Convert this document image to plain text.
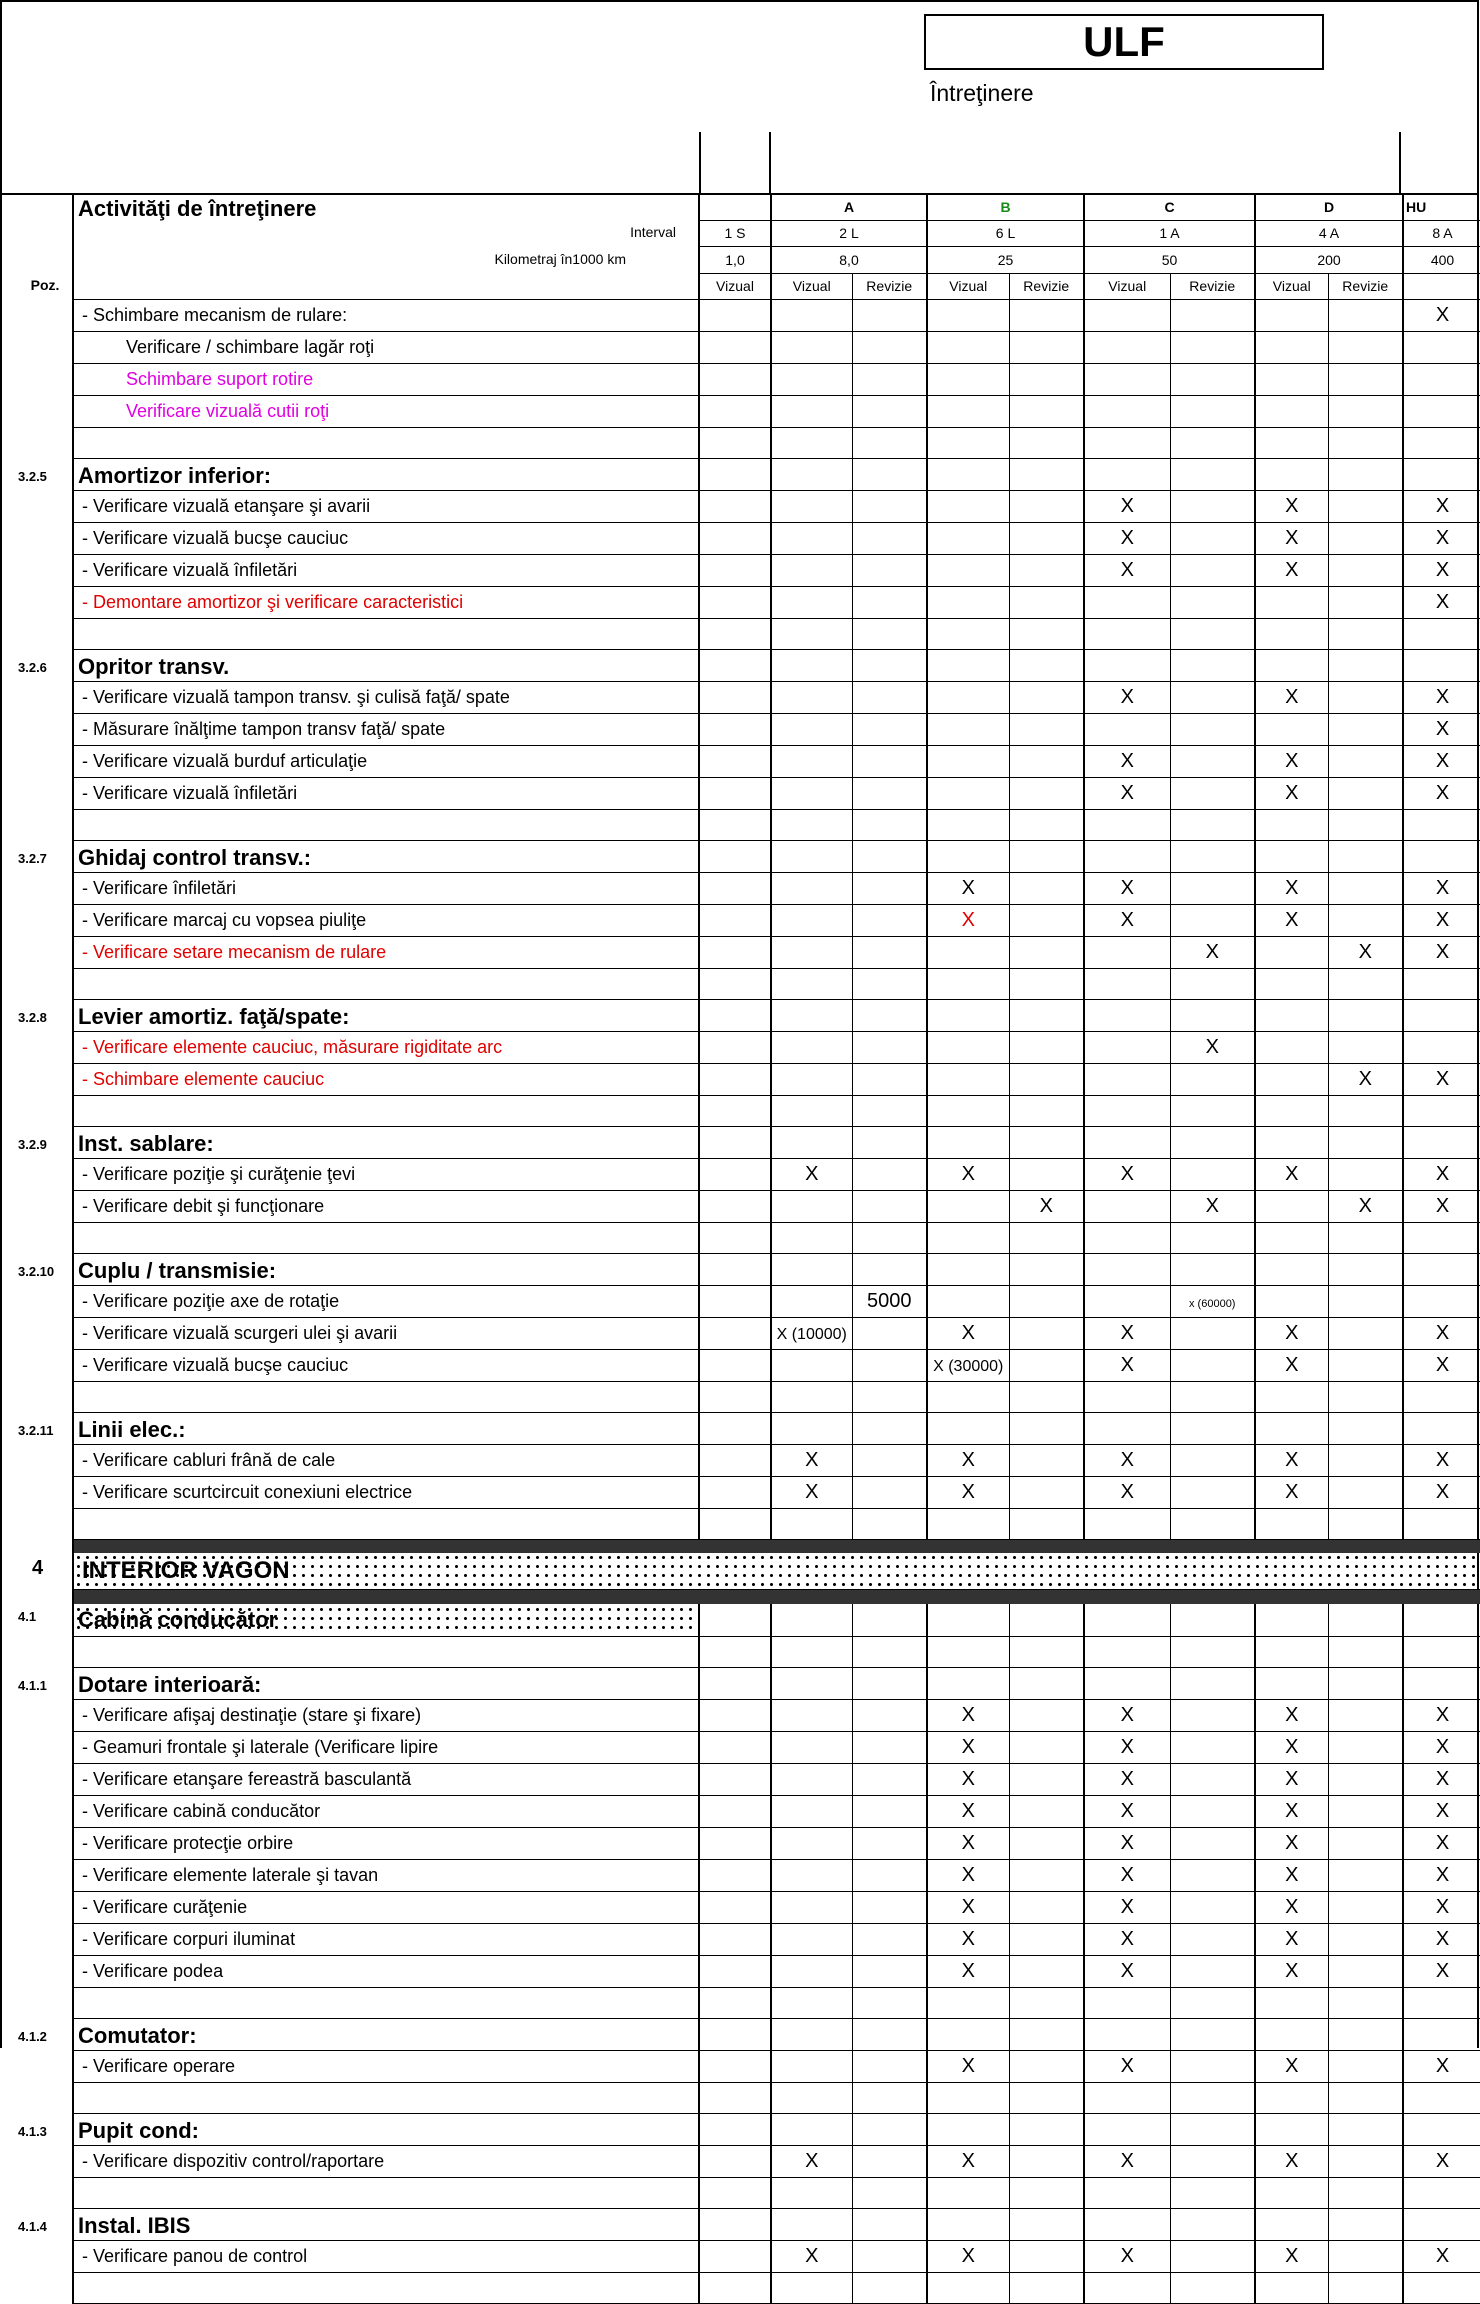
ULF
Întreţinere
Poz.	Activităţi de întreţinere
Interval
Kilometraj în1000 km		A		B		C		D		HU
		1 S	2 L		6 L		1 A		4 A		8 A
		1,0	8,0		25		50		200		400
		Vizual	Vizual	Revizie	Vizual	Revizie	Vizual	Revizie	Vizual	Revizie	
	- Schimbare mecanism de rulare:										X
	Verificare / schimbare lagăr roţi										
	Schimbare suport rotire										
	Verificare vizuală cutii roţi										

3.2.5	Amortizor inferior:										
	- Verificare vizuală etanşare şi avarii						X		X		X
	- Verificare vizuală bucşe cauciuc						X		X		X
	- Verificare vizuală înfiletări						X		X		X
	- Demontare amortizor şi verificare caracteristici										X

3.2.6	Opritor transv.										
	- Verificare vizuală tampon transv. şi culisă faţă/ spate						X		X		X
	- Măsurare înălţime tampon transv faţă/ spate										X
	- Verificare vizuală burduf articulaţie						X		X		X
	- Verificare vizuală înfiletări						X		X		X

3.2.7	Ghidaj control transv.:										
	- Verificare înfiletări				X		X		X		X
	- Verificare marcaj cu vopsea piuliţe				X		X		X		X
	- Verificare setare mecanism de rulare							X		X	X

3.2.8	Levier amortiz. faţă/spate:										
	- Verificare elemente cauciuc, măsurare rigiditate arc							X			
	- Schimbare elemente cauciuc									X	X

3.2.9	Inst. sablare:										
	- Verificare poziţie şi curăţenie ţevi		X		X		X		X		X
	- Verificare debit şi funcţionare					X		X		X	X

3.2.10	Cuplu / transmisie:										
	- Verificare poziţie axe de rotaţie			5000				x (60000)			
	- Verificare vizuală scurgeri ulei şi avarii		X (10000)		X		X		X		X
	- Verificare vizuală bucşe cauciuc				X (30000)		X		X		X

3.2.11	Linii elec.:										
	- Verificare cabluri frână de cale		X		X		X		X		X
	- Verificare scurtcircuit conexiuni electrice		X		X		X		X		X

4	INTERIOR VAGON										

4.1	Cabină conducător										

4.1.1	Dotare interioară:										
	- Verificare afişaj destinaţie (stare şi fixare)				X		X		X		X
	- Geamuri frontale şi laterale (Verificare lipire				X		X		X		X
	- Verificare etanşare fereastră basculantă				X		X		X		X
	- Verificare cabină conducător				X		X		X		X
	- Verificare protecţie orbire				X		X		X		X
	- Verificare elemente laterale şi tavan				X		X		X		X
	- Verificare curăţenie				X		X		X		X
	- Verificare corpuri iluminat				X		X		X		X
	- Verificare podea				X		X		X		X

4.1.2	Comutator:										
	- Verificare operare				X		X		X		X

4.1.3	Pupit cond:										
	- Verificare dispozitiv control/raportare		X		X		X		X		X

4.1.4	Instal. IBIS										
	- Verificare panou de control		X		X		X		X		X
